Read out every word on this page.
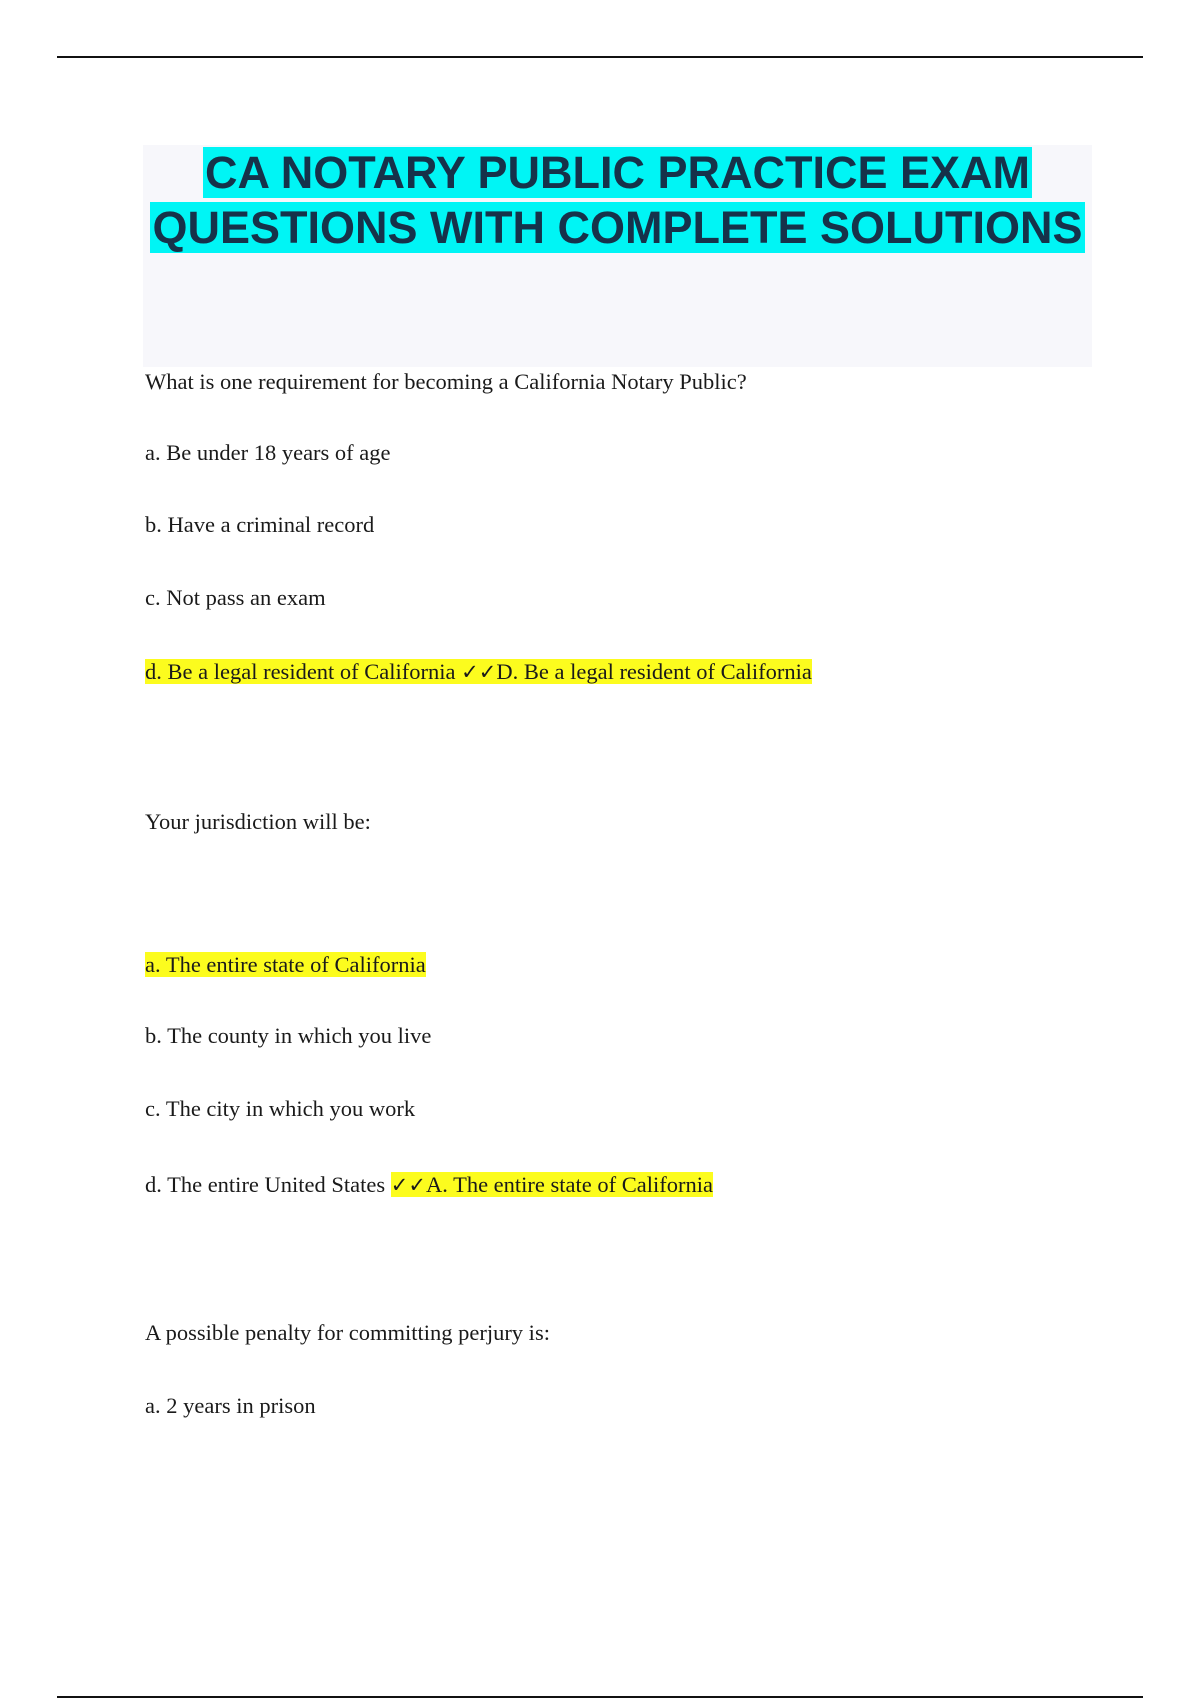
CA NOTARY PUBLIC PRACTICE EXAM QUESTIONS WITH COMPLETE SOLUTIONS
What is one requirement for becoming a California Notary Public?
a. Be under 18 years of age
b. Have a criminal record
c. Not pass an exam
d. Be a legal resident of California ✓✓D. Be a legal resident of California
Your jurisdiction will be:
a. The entire state of California
b. The county in which you live
c. The city in which you work
d. The entire United States ✓✓A. The entire state of California
A possible penalty for committing perjury is:
a. 2 years in prison
